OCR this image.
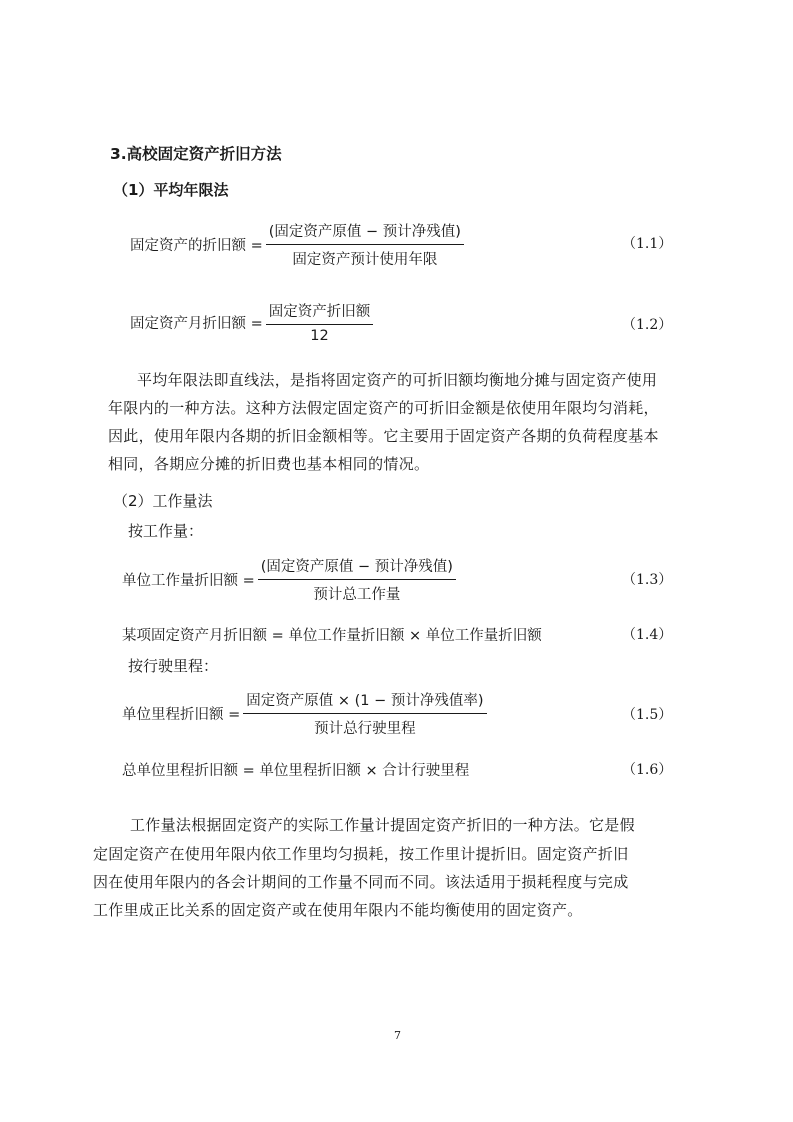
3.高校固定资产折旧方法
（1）平均年限法
固定资产的折旧额 = $\frac{\text{(固定资产原值 − 预计净残值)}}{\text{固定资产预计使用年限}}$	（1.1）
固定资产月折旧额 = $\frac{\text{固定资产折旧额}}{12}$	（1.2）
平均年限法即直线法，是指将固定资产的可折旧额均衡地分摊与固定资产使用
年限内的一种方法。这种方法假定固定资产的可折旧金额是依使用年限均匀消耗，
因此，使用年限内各期的折旧金额相等。它主要用于固定资产各期的负荷程度基本
相同，各期应分摊的折旧费也基本相同的情况。
（2）工作量法
按工作量：
单位工作量折旧额 = $\frac{\text{(固定资产原值 − 预计净残值)}}{\text{预计总工作量}}$	（1.3）
某项固定资产月折旧额 = 单位工作量折旧额 × 单位工作量折旧额	（1.4）
按行驶里程：
单位里程折旧额 = $\frac{\text{固定资产原值 × (1 − 预计净残值率)}}{\text{预计总行驶里程}}$	（1.5）
总单位里程折旧额 = 单位里程折旧额 × 合计行驶里程	（1.6）
工作量法根据固定资产的实际工作量计提固定资产折旧的一种方法。它是假
定固定资产在使用年限内依工作里均匀损耗，按工作里计提折旧。固定资产折旧
因在使用年限内的各会计期间的工作量不同而不同。该法适用于损耗程度与完成
工作里成正比关系的固定资产或在使用年限内不能均衡使用的固定资产。
7
